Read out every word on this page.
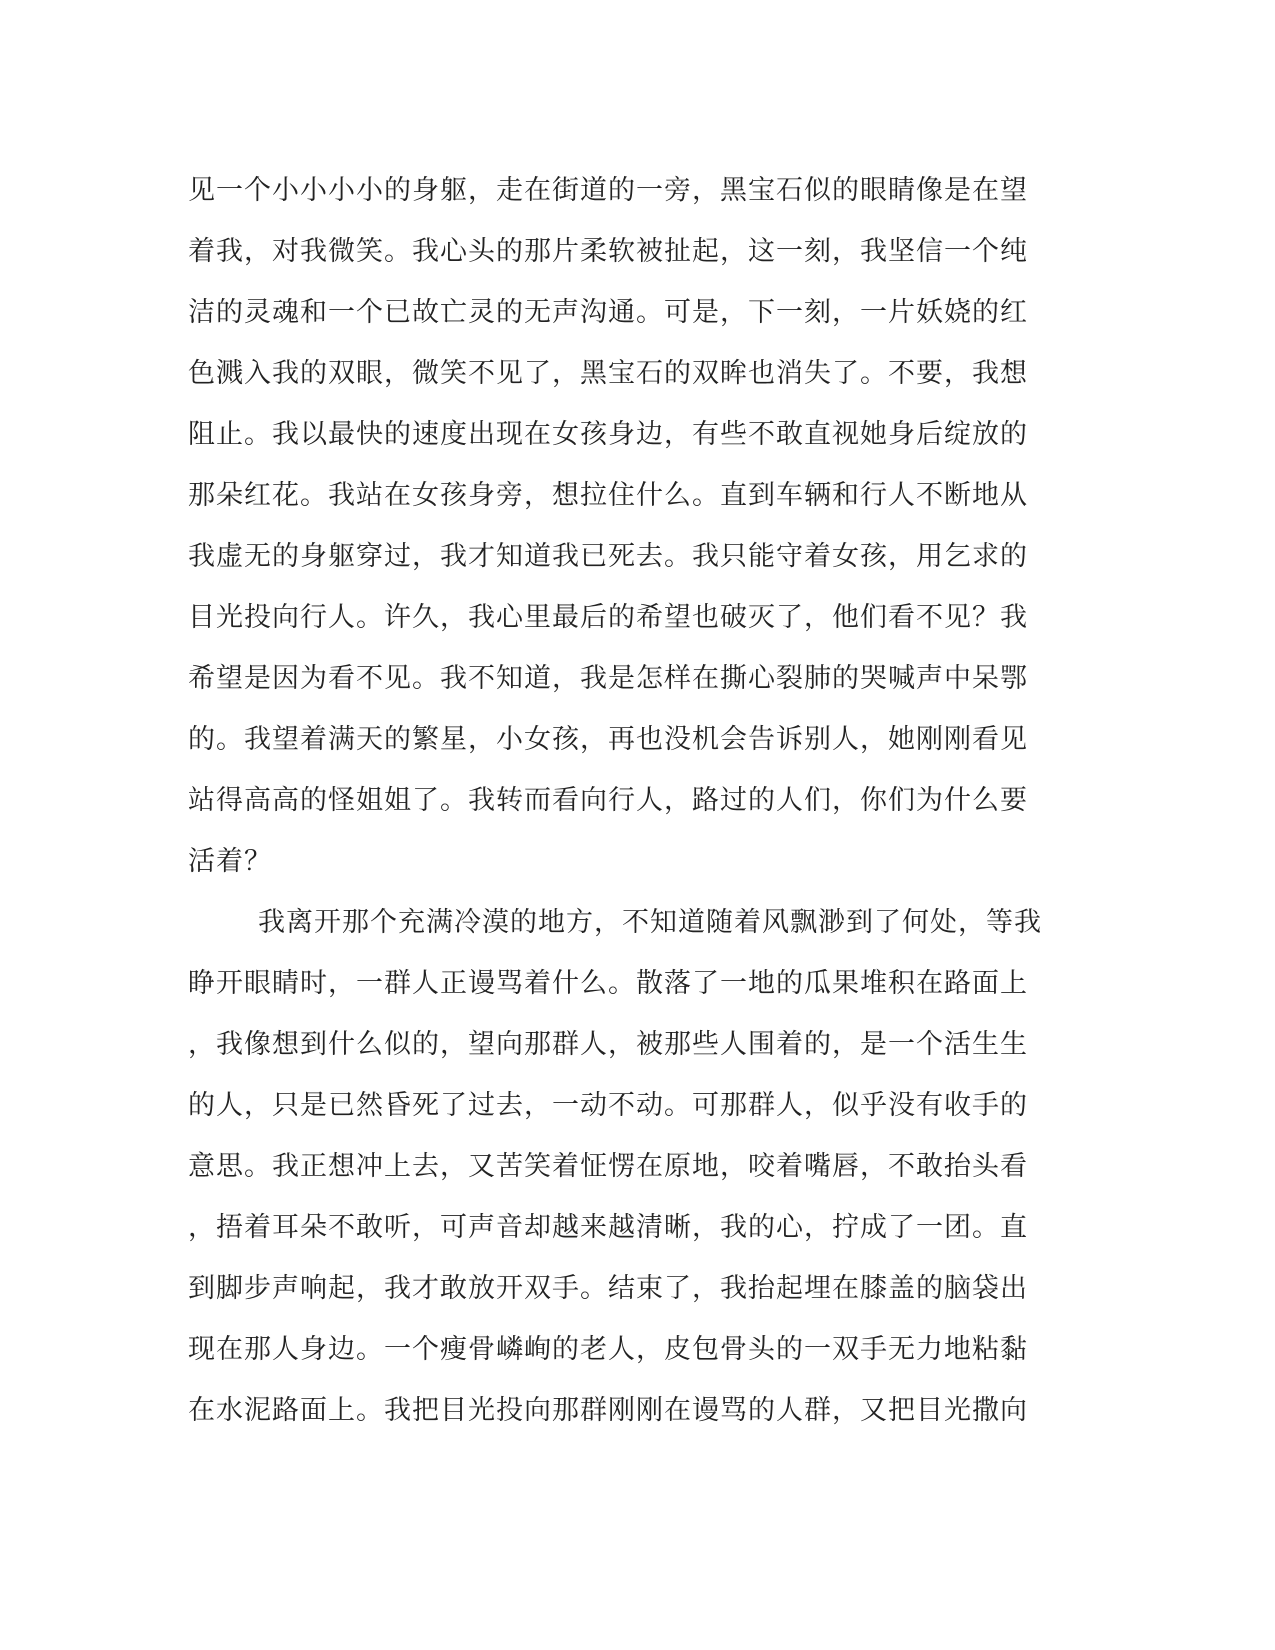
见一个小小小小的身躯，走在街道的一旁，黑宝石似的眼睛像是在望
着我，对我微笑。我心头的那片柔软被扯起，这一刻，我坚信一个纯
洁的灵魂和一个已故亡灵的无声沟通。可是，下一刻，一片妖娆的红
色溅入我的双眼，微笑不见了，黑宝石的双眸也消失了。不要，我想
阻止。我以最快的速度出现在女孩身边，有些不敢直视她身后绽放的
那朵红花。我站在女孩身旁，想拉住什么。直到车辆和行人不断地从
我虚无的身躯穿过，我才知道我已死去。我只能守着女孩，用乞求的
目光投向行人。许久，我心里最后的希望也破灭了，他们看不见？我
希望是因为看不见。我不知道，我是怎样在撕心裂肺的哭喊声中呆鄂
的。我望着满天的繁星，小女孩，再也没机会告诉别人，她刚刚看见
站得高高的怪姐姐了。我转而看向行人，路过的人们，你们为什么要
活着？
我离开那个充满冷漠的地方，不知道随着风飘渺到了何处，等我
睁开眼睛时，一群人正谩骂着什么。散落了一地的瓜果堆积在路面上
，我像想到什么似的，望向那群人，被那些人围着的，是一个活生生
的人，只是已然昏死了过去，一动不动。可那群人，似乎没有收手的
意思。我正想冲上去，又苦笑着怔愣在原地，咬着嘴唇，不敢抬头看
，捂着耳朵不敢听，可声音却越来越清晰，我的心，拧成了一团。直
到脚步声响起，我才敢放开双手。结束了，我抬起埋在膝盖的脑袋出
现在那人身边。一个瘦骨嶙峋的老人，皮包骨头的一双手无力地粘黏
在水泥路面上。我把目光投向那群刚刚在谩骂的人群，又把目光撒向
